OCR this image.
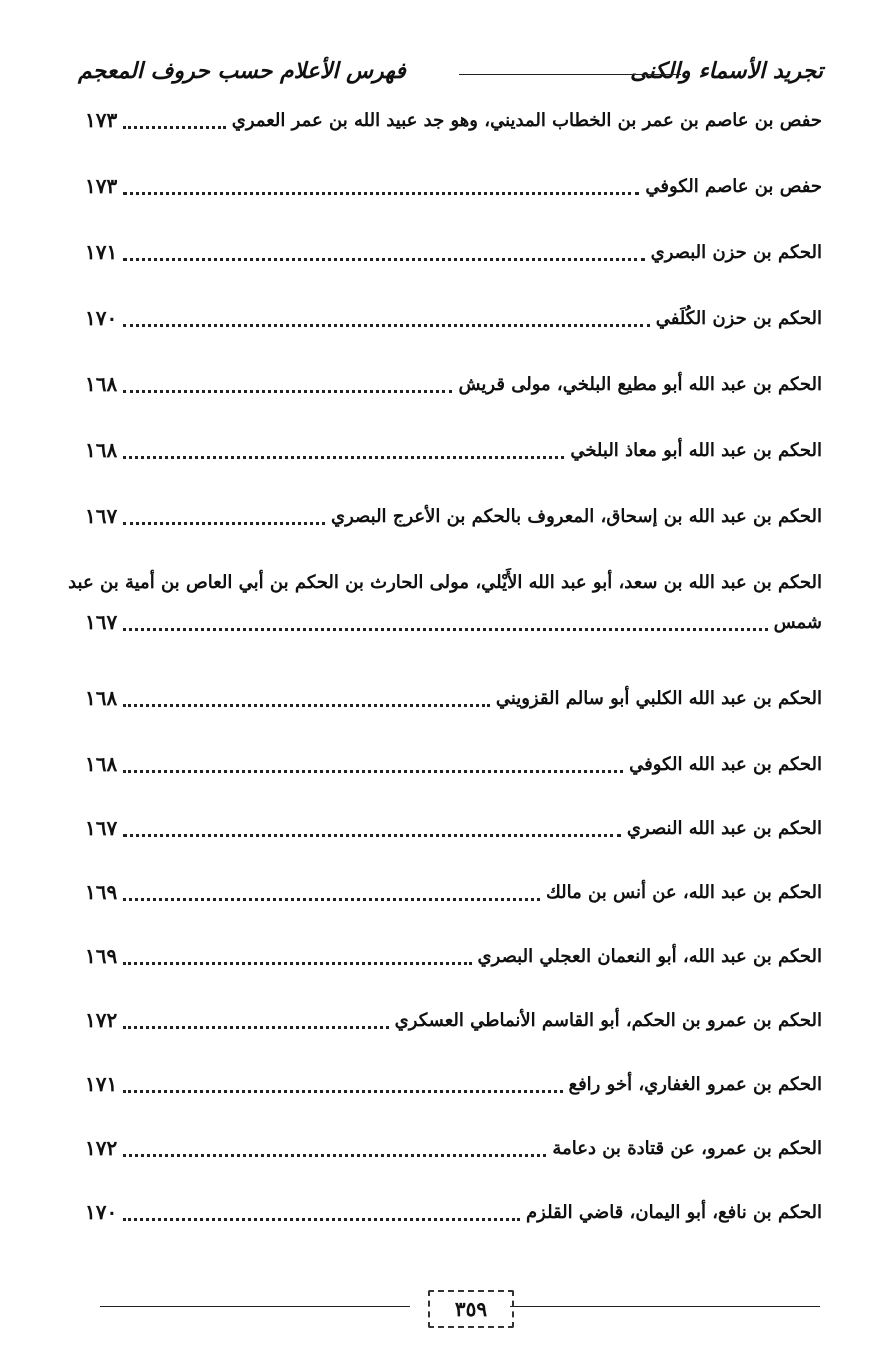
تجريد الأسماء والكنى
فهرس الأعلام حسب حروف المعجم
حفص بن عاصم بن عمر بن الخطاب المديني، وهو جد عبيد الله بن عمر العمري
١٧٣
حفص بن عاصم الكوفي
١٧٣
الحكم بن حزن البصري
١٧١
الحكم بن حزن الكُلَفي
١٧٠
الحكم بن عبد الله أبو مطيع البلخي، مولى قريش
١٦٨
الحكم بن عبد الله أبو معاذ البلخي
١٦٨
الحكم بن عبد الله بن إسحاق، المعروف بالحكم بن الأعرج البصري
١٦٧
الحكم بن عبد الله بن سعد، أبو عبد الله الأَيْلي، مولى الحارث بن الحكم بن أبي العاص بن أمية بن عبد
شمس
١٦٧
الحكم بن عبد الله الكلبي أبو سالم القزويني
١٦٨
الحكم بن عبد الله الكوفي
١٦٨
الحكم بن عبد الله النصري
١٦٧
الحكم بن عبد الله، عن أنس بن مالك
١٦٩
الحكم بن عبد الله، أبو النعمان العجلي البصري
١٦٩
الحكم بن عمرو بن الحكم، أبو القاسم الأنماطي العسكري
١٧٢
الحكم بن عمرو الغفاري، أخو رافع
١٧١
الحكم بن عمرو، عن قتادة بن دعامة
١٧٢
الحكم بن نافع، أبو اليمان، قاضي القلزم
١٧٠
٣٥٩
